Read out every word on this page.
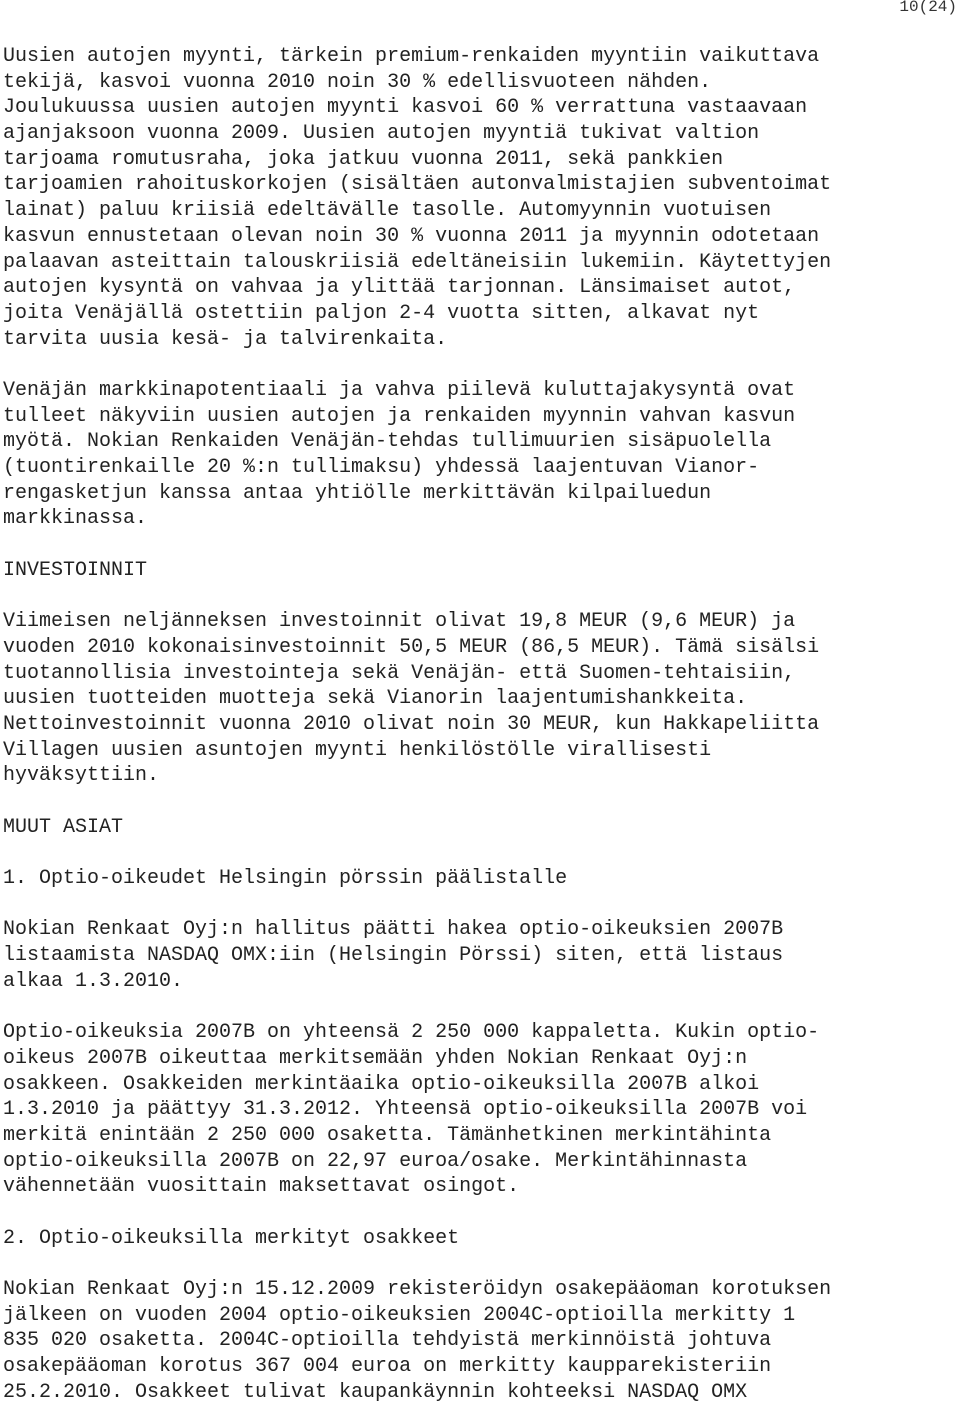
10(24)
Uusien autojen myynti, tärkein premium-renkaiden myyntiin vaikuttava
tekijä, kasvoi vuonna 2010 noin 30 % edellisvuoteen nähden.
Joulukuussa uusien autojen myynti kasvoi 60 % verrattuna vastaavaan
ajanjaksoon vuonna 2009. Uusien autojen myyntiä tukivat valtion
tarjoama romutusraha, joka jatkuu vuonna 2011, sekä pankkien
tarjoamien rahoituskorkojen (sisältäen autonvalmistajien subventoimat
lainat) paluu kriisiä edeltävälle tasolle. Automyynnin vuotuisen
kasvun ennustetaan olevan noin 30 % vuonna 2011 ja myynnin odotetaan
palaavan asteittain talouskriisiä edeltäneisiin lukemiin. Käytettyjen
autojen kysyntä on vahvaa ja ylittää tarjonnan. Länsimaiset autot,
joita Venäjällä ostettiin paljon 2-4 vuotta sitten, alkavat nyt
tarvita uusia kesä- ja talvirenkaita.
Venäjän markkinapotentiaali ja vahva piilevä kuluttajakysyntä ovat
tulleet näkyviin uusien autojen ja renkaiden myynnin vahvan kasvun
myötä. Nokian Renkaiden Venäjän-tehdas tullimuurien sisäpuolella
(tuontirenkaille 20 %:n tullimaksu) yhdessä laajentuvan Vianor-
rengasketjun kanssa antaa yhtiölle merkittävän kilpailuedun
markkinassa.
INVESTOINNIT
Viimeisen neljänneksen investoinnit olivat 19,8 MEUR (9,6 MEUR) ja
vuoden 2010 kokonaisinvestoinnit 50,5 MEUR (86,5 MEUR). Tämä sisälsi
tuotannollisia investointeja sekä Venäjän- että Suomen-tehtaisiin,
uusien tuotteiden muotteja sekä Vianorin laajentumishankkeita.
Nettoinvestoinnit vuonna 2010 olivat noin 30 MEUR, kun Hakkapeliitta
Villagen uusien asuntojen myynti henkilöstölle virallisesti
hyväksyttiin.
MUUT ASIAT
1. Optio-oikeudet Helsingin pörssin päälistalle
Nokian Renkaat Oyj:n hallitus päätti hakea optio-oikeuksien 2007B
listaamista NASDAQ OMX:iin (Helsingin Pörssi) siten, että listaus
alkaa 1.3.2010.
Optio-oikeuksia 2007B on yhteensä 2 250 000 kappaletta. Kukin optio-
oikeus 2007B oikeuttaa merkitsemään yhden Nokian Renkaat Oyj:n
osakkeen. Osakkeiden merkintäaika optio-oikeuksilla 2007B alkoi
1.3.2010 ja päättyy 31.3.2012. Yhteensä optio-oikeuksilla 2007B voi
merkitä enintään 2 250 000 osaketta. Tämänhetkinen merkintähinta
optio-oikeuksilla 2007B on 22,97 euroa/osake. Merkintähinnasta
vähennetään vuosittain maksettavat osingot.
2. Optio-oikeuksilla merkityt osakkeet
Nokian Renkaat Oyj:n 15.12.2009 rekisteröidyn osakepääoman korotuksen
jälkeen on vuoden 2004 optio-oikeuksien 2004C-optioilla merkitty 1
835 020 osaketta. 2004C-optioilla tehdyistä merkinnöistä johtuva
osakepääoman korotus 367 004 euroa on merkitty kaupparekisteriin
25.2.2010. Osakkeet tulivat kaupankäynnin kohteeksi NASDAQ OMX
